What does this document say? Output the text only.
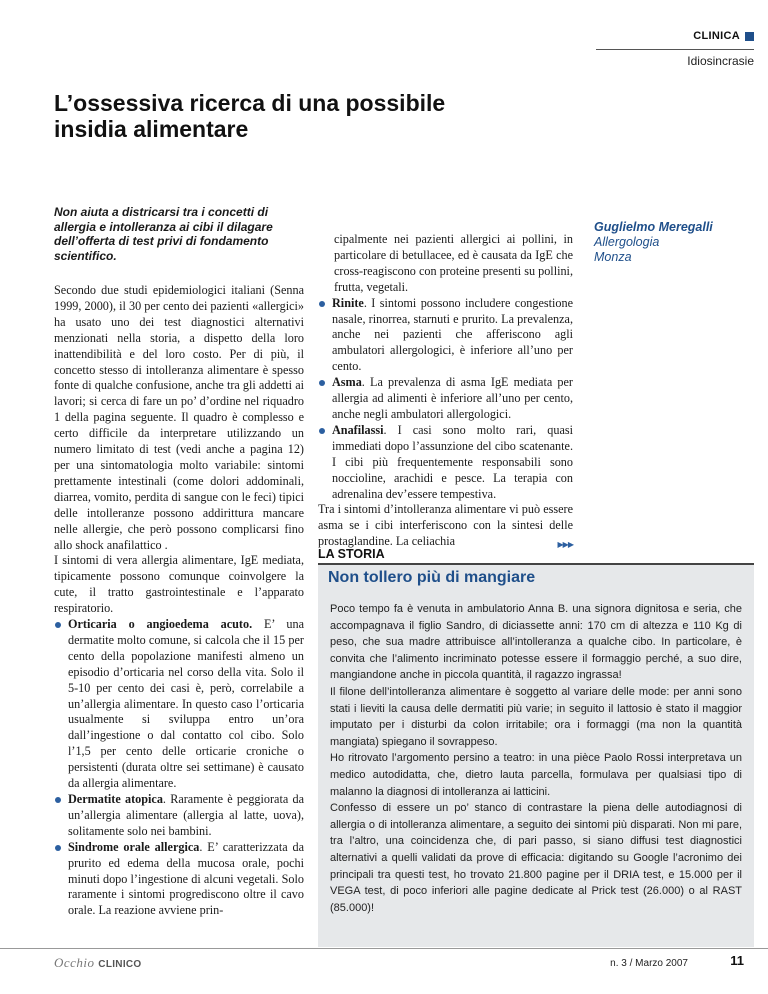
CLINICA
Idiosincrasie
L’ossessiva ricerca di una possibile insidia alimentare
Non aiuta a districarsi tra i concetti di allergia e intolleranza ai cibi il dilagare dell’offerta di test privi di fondamento scientifico.

Secondo due studi epidemiologici italiani (Senna 1999, 2000), il 30 per cento dei pazienti «allergici» ha usato uno dei test diagnostici alternativi menzionati nella storia, a dispetto della loro inattendibilità e del loro costo. Per di più, il concetto stesso di intolleranza alimentare è spesso fonte di qualche confusione, anche tra gli addetti ai lavori; si cerca di fare un po’ d’ordine nel riquadro 1 della pagina seguente. Il quadro è complesso e certo difficile da interpretare utilizzando un numero limitato di test (vedi anche a pagina 12) per una sintomatologia molto variabile: sintomi prettamente intestinali (come dolori addominali, diarrea, vomito, perdita di sangue con le feci) tipici delle intolleranze possono addirittura mancare nelle allergie, che però possono complicarsi fino allo shock anafilattico .

I sintomi di vera allergia alimentare, IgE mediata, tipicamente possono comunque coinvolgere la cute, il tratto gastrointestinale e l’apparato respiratorio.

Orticaria o angioedema acuto. E’ una dermatite molto comune, si calcola che il 15 per cento della popolazione manifesti almeno un episodio d’orticaria nel corso della vita. Solo il 5-10 per cento dei casi è, però, correlabile a un’allergia alimentare. In questo caso l’orticaria usualmente si sviluppa entro un’ora dall’ingestione o dal contatto col cibo. Solo l’1,5 per cento delle orticarie croniche o persistenti (durata oltre sei settimane) è causato da allergia alimentare.

Dermatite atopica. Raramente è peggiorata da un’allergia alimentare (allergia al latte, uova), solitamente solo nei bambini.

Sindrome orale allergica. E’ caratterizzata da prurito ed edema della mucosa orale, pochi minuti dopo l’ingestione di alcuni vegetali. Solo raramente i sintomi progrediscono oltre il cavo orale. La reazione avviene prin-

cipalmente nei pazienti allergici ai pollini, in particolare di betullacee, ed è causata da IgE che cross-reagiscono con proteine presenti su pollini, frutta, vegetali.

Rinite. I sintomi possono includere congestione nasale, rinorrea, starnuti e prurito. La prevalenza, anche nei pazienti che afferiscono agli ambulatori allergologici, è inferiore all’uno per cento.

Asma. La prevalenza di asma IgE mediata per allergia ad alimenti è inferiore all’uno per cento, anche negli ambulatori allergologici.

Anafilassi. I casi sono molto rari, quasi immediati dopo l’assunzione del cibo scatenante. I cibi più frequentemente responsabili sono noccioline, arachidi e pesce. La terapia con adrenalina dev’essere tempestiva.

Tra i sintomi d’intolleranza alimentare vi può essere asma se i cibi interferiscono con la sintesi delle prostaglandine. La celiachia	▶▶▶

Guglielmo Meregalli
Allergologia
Monza
LA STORIA
Non tollero più di mangiare

Poco tempo fa è venuta in ambulatorio Anna B. una signora dignitosa e seria, che accompagnava il figlio Sandro, di diciassette anni: 170 cm di altezza e 110 Kg di peso, che sua madre attribuisce all’intolleranza a qualche cibo. In particolare, è convita che l’alimento incriminato potesse essere il formaggio perché, a suo dire, mangiandone anche in piccola quantità, il ragazzo ingrassa!

Il filone dell’intolleranza alimentare è soggetto al variare delle mode: per anni sono stati i lieviti la causa delle dermatiti più varie; in seguito il lattosio è stato il maggior imputato per i disturbi da colon irritabile; ora i formaggi (ma non la quantità mangiata) spiegano il sovrappeso.

Ho ritrovato l’argomento persino a teatro: in una pièce Paolo Rossi interpretava un medico autodidatta, che, dietro lauta parcella, formulava per qualsiasi tipo di malanno la diagnosi di intolleranza ai latticini.

Confesso di essere un po’ stanco di contrastare la piena delle autodiagnosi di allergia o di intolleranza alimentare, a seguito dei sintomi più disparati. Non mi pare, tra l’altro, una coincidenza che, di pari passo, si siano diffusi test diagnostici alternativi a quelli validati da prove di efficacia: digitando su Google l’acronimo dei principali tra questi test, ho trovato 21.800 pagine per il DRIA test, e 15.000 per il VEGA test, di poco inferiori alle pagine dedicate al Prick test (26.000) o al RAST (85.000)!

Occhio CLINICO	n. 3 / Marzo 2007	11
